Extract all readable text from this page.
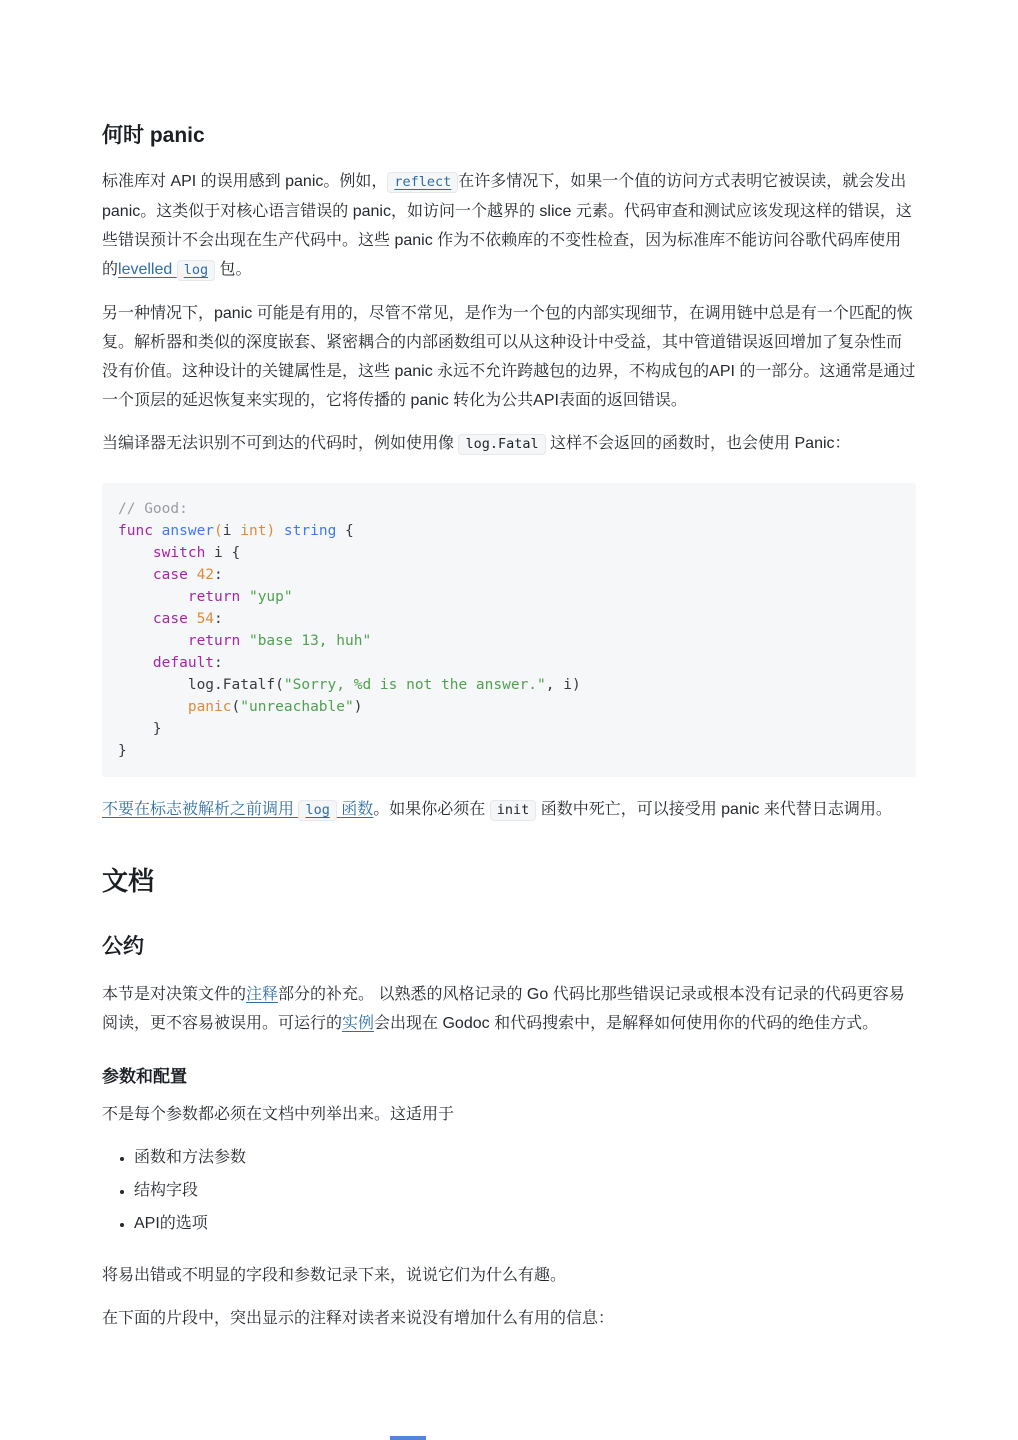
何时 panic

标准库对 API 的误用感到 panic。例如， reflect 在许多情况下，如果一个值的访问方式表明它被误读，就会发出 panic。这类似于对核心语言错误的 panic，如访问一个越界的 slice 元素。代码审查和测试应该发现这样的错误，这些错误预计不会出现在生产代码中。这些 panic 作为不依赖库的不变性检查，因为标准库不能访问谷歌代码库使用的levelled log 包。

另一种情况下，panic 可能是有用的，尽管不常见，是作为一个包的内部实现细节，在调用链中总是有一个匹配的恢复。解析器和类似的深度嵌套、紧密耦合的内部函数组可以从这种设计中受益，其中管道错误返回增加了复杂性而没有价值。这种设计的关键属性是，这些 panic 永远不允许跨越包的边界，不构成包的API 的一部分。这通常是通过一个顶层的延迟恢复来实现的，它将传播的 panic 转化为公共API表面的返回错误。

当编译器无法识别不可到达的代码时，例如使用像 log.Fatal 这样不会返回的函数时，也会使用 Panic：

// Good:
func answer(i int) string {
switch i {
case 42:
return "yup"
case 54:
return "base 13, huh"
default:
log.Fatalf("Sorry, %d is not the answer.", i)
panic("unreachable")
}
}

不要在标志被解析之前调用 log 函数。如果你必须在 init 函数中死亡，可以接受用 panic 来代替日志调用。

文档
公约

本节是对决策文件的注释部分的补充。 以熟悉的风格记录的 Go 代码比那些错误记录或根本没有记录的代码更容易阅读，更不容易被误用。可运行的实例会出现在 Godoc 和代码搜索中，是解释如何使用你的代码的绝佳方式。

参数和配置

不是每个参数都必须在文档中列举出来。这适用于

• 函数和方法参数
• 结构字段
• API的选项

将易出错或不明显的字段和参数记录下来，说说它们为什么有趣。

在下面的片段中，突出显示的注释对读者来说没有增加什么有用的信息：
